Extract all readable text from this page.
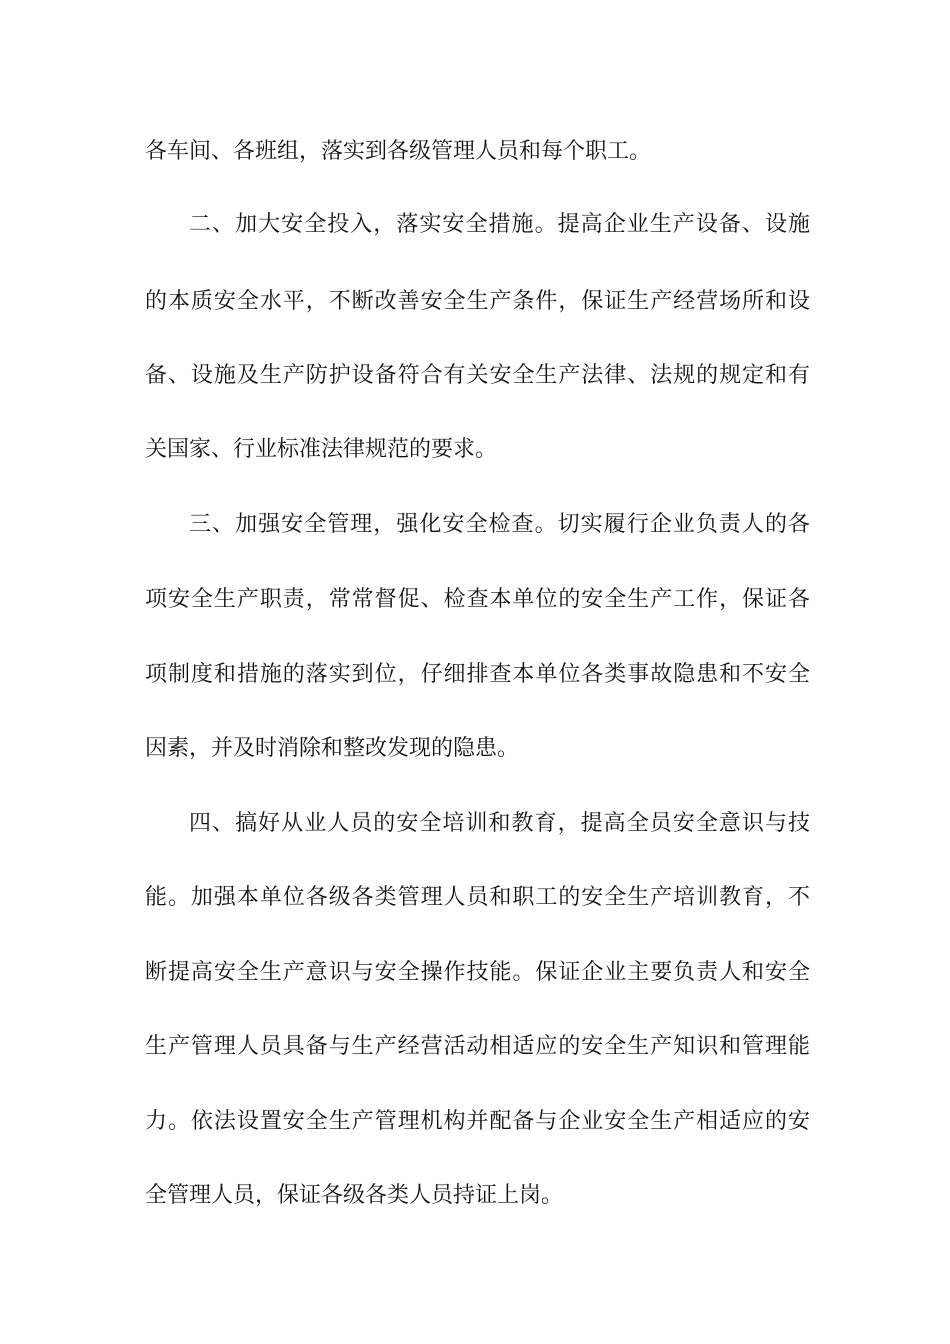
各车间、各班组，落实到各级管理人员和每个职工。
二、加大安全投入，落实安全措施。提高企业生产设备、设施
的本质安全水平，不断改善安全生产条件，保证生产经营场所和设
备、设施及生产防护设备符合有关安全生产法律、法规的规定和有
关国家、行业标准法律规范的要求。
三、加强安全管理，强化安全检查。切实履行企业负责人的各
项安全生产职责，常常督促、检查本单位的安全生产工作，保证各
项制度和措施的落实到位，仔细排查本单位各类事故隐患和不安全
因素，并及时消除和整改发现的隐患。
四、搞好从业人员的安全培训和教育，提高全员安全意识与技
能。加强本单位各级各类管理人员和职工的安全生产培训教育，不
断提高安全生产意识与安全操作技能。保证企业主要负责人和安全
生产管理人员具备与生产经营活动相适应的安全生产知识和管理能
力。依法设置安全生产管理机构并配备与企业安全生产相适应的安
全管理人员，保证各级各类人员持证上岗。
